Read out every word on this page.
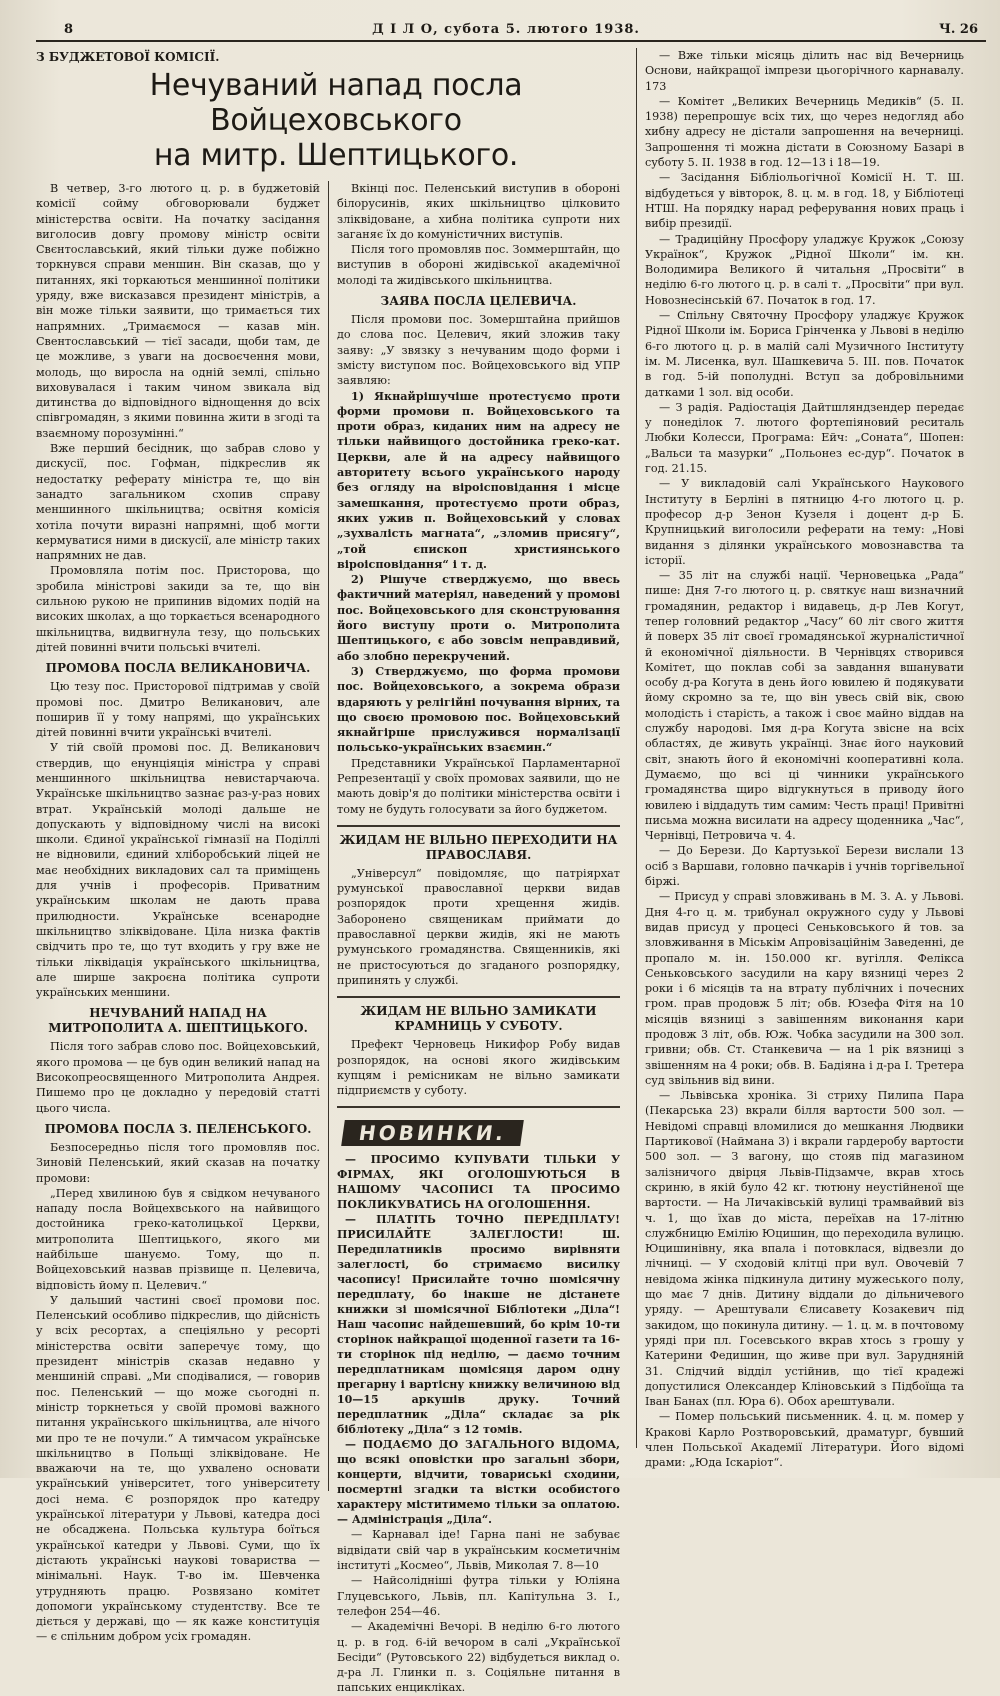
8	Д І Л О, субота 5. лютого 1938.	Ч. 26
З БУДЖЕТОВОЇ КОМІСІЇ.
Нечуваний напад посла Войцеховського
на митр. Шептицького.

В четвер, 3-го лютого ц. р. в буджетовій комісії сойму обговорювали буджет міністерства освіти. На початку засідання виголосив довгу промову міністр освіти Свєнтославський, який тільки дуже побіжно торкнувся справи меншин. Він сказав, що у питаннях, які торкаються меншинної політики уряду, вже висказався президент міністрів, а він може тільки заявити, що тримається тих напрямних. „Тримаємося — казав мін. Свентославський — тієї засади, щоби там, де це можливе, з уваги на досвоєчення мови, молодь, що виросла на одній землі, спільно виховувалася і таким чином звикала від дитинства до відповідного віднощення до всіх співгромадян, з якими повинна жити в згоді та взаємному порозумінні.“

Вже перший бесідник, що забрав слово у дискусії, пос. Гофман, підкреслив як недостатку реферату міністра те, що він занадто загальником схопив справу меншинного шкільництва; освітня комісія хотіла почути виразні напрямні, щоб могти кермуватися ними в дискусії, але міністр таких напрямних не дав.

Промовляла потім пос. Присторова, що зробила міністрові закиди за те, що він сильною рукою не припинив відомих подій на високих школах, а що торкається всенародного шкільництва, видвигнула тезу, що польських дітей повинні вчити польські вчителі.

ПРОМОВА ПОСЛА ВЕЛИКАНОВИЧА.

Цю тезу пос. Присторової підтримав у своїй промові пос. Дмитро Великанович, але поширив її у тому напрямі, що українських дітей повинні вчити українські вчителі.

У тій своїй промові пос. Д. Великанович ствердив, що енунціяція міністра у справі меншинного шкільництва невистарчаюча. Українське шкільництво зазнає раз-у-раз нових втрат. Українській молоді дальше не допускають у відповідному числі на високі школи. Єдиної української гімназії на Поділлі не відновили, єдиний хліборобський ліцей не має необхідних викладових сал та приміщень для учнів і професорів. Приватним українським школам не дають права прилюдности. Українське всенародне шкільництво зліквідоване. Ціла низка фактів свідчить про те, що тут входить у гру вже не тільки ліквідація українського шкільництва, але ширше закроєна політика супроти українських меншини.

НЕЧУВАНИЙ НАПАД НА МИТРОПОЛИТА А. ШЕПТИЦЬКОГО.

Після того забрав слово пос. Войцеховський, якого промова — це був один великий напад на Високопреосвященного Митрополита Андрея. Пишемо про це докладно у передовій статті цього числа.

ПРОМОВА ПОСЛА З. ПЕЛЕНСЬКОГО.

Безпосередньо після того промовляв пос. Зиновій Пеленський, який сказав на початку промови:

„Перед хвилиною був я свідком нечуваного нападу посла Войцехвського на найвищого достойника греко-католицької Церкви, митрополита Шептицького, якого ми найбільше шануємо. Тому, що п. Войцеховський назвав прізвище п. Целевича, відповість йому п. Целевич.“

У дальший частині своєї промови пос. Пеленський особливо підкреслив, що дійсність у всіх ресортах, а спеціяльно у ресорті міністерства освіти заперечує тому, що президент міністрів сказав недавно у меншиній справі. „Ми сподівалися, — говорив пос. Пеленський — що може сьогодні п. міністр торкнеться у своїй промові важного питання українського шкільництва, але нічого ми про те не почули.“ А тимчасом українське шкільництво в Польщі зліквідоване. Не вважаючи на те, що ухвалено основати український університет, того університету досі нема. Є розпорядок про катедру української літератури у Львові, катедра досі не обсаджена. Польська культура боїться української катедри у Львові. Суми, що їх дістають українські наукові товариства — мінімальні. Наук. Т-во ім. Шевченка утрудняють працю. Розвязано комітет допомоги українському студентству. Все те діється у державі, що — як каже конституція — є спільним добром усіх громадян.

Вкінці пос. Пеленський виступив в обороні білорусинів, яких шкільництво цілковито зліквідоване, а хибна політика супроти них заганяє їх до комуністичних виступів.

Після того промовляв пос. Зоммерштайн, що виступив в обороні жидівської академічної молоді та жидівського шкільництва.

ЗАЯВА ПОСЛА ЦЕЛЕВИЧА.

Після промови пос. Зомерштайна прийшов до слова пос. Целевич, який зложив таку заяву: „У звязку з нечуваним щодо форми і змісту виступом пос. Войцеховського від УПР заявляю:

1) Якнайрішучіше протестуємо проти форми промови п. Войцеховського та проти образ, киданих ним на адресу не тільки найвищого достойника греко-кат. Церкви, але й на адресу найвищого авторитету всього українського народу без огляду на віроісповідання і місце замешкання, протестуємо проти образ, яких ужив п. Войцеховський у словах „зухвалість магната“, „зломив присягу“, „той єпископ християнського віроісповідання“ і т. д.

2) Рішуче стверджуємо, що ввесь фактичний матеріял, наведений у промові пос. Войцеховського для сконструювання його виступу проти о. Митрополита Шептицького, є або зовсім неправдивий, або злобно перекручений.

3) Стверджуємо, що форма промови пос. Войцеховського, а зокрема образи вдаряють у релігійні почування вірних, та що своєю промовою пос. Войцеховський якнайгірше прислужився нормалізації польсько-українських взаємин.“

Представники Української Парламентарної Репрезентації у своїх промовах заявили, що не мають довір'я до політики міністерства освіти і тому не будуть голосувати за його буджетом.

ЖИДАМ НЕ ВІЛЬНО ПЕРЕХОДИТИ НА ПРАВОСЛАВЯ.

„Універсул“ повідомляє, що патріярхат румунської православної церкви видав розпорядок проти хрещення жидів. Заборонено священикам приймати до православної церкви жидів, які не мають румунського громадянства. Священників, які не пристосуються до згаданого розпорядку, припинять у службі.

ЖИДАМ НЕ ВІЛЬНО ЗАМИКАТИ КРАМНИЦЬ У СУБОТУ.

Префект Черновець Никифор Робу видав розпорядок, на основі якого жидівським купцям і ремісникам не вільно замикати підприємств у суботу.

НОВИНКИ.

— ПРОСИМО КУПУВАТИ ТІЛЬКИ У ФІРМАХ, ЯКІ ОГОЛОШУЮТЬСЯ В НАШОМУ ЧАСОПИСІ ТА ПРОСИМО ПОКЛИКУВАТИСЬ НА ОГОЛОШЕННЯ.

— ПЛАТІТЬ ТОЧНО ПЕРЕДПЛАТУ! ПРИСИЛАЙТЕ ЗАЛЕГЛОСТИ! Ш. Передплатників просимо вирівняти залеглості, бо стримаємо висилку часопису! Присилайте точно шомісячну передплату, бо інакше не дістанете книжки зі шомісячної Бібліотеки „Діла“! Наш часопис найдешевший, бо крім 10-ти сторінок найкращої щоденної газети та 16-ти сторінок під неділю, — даємо точним передплатникам щомісяця даром одну прегарну і вартісну книжку величиною від 10—15 аркушів друку. Точний передплатник „Діла“ складає за рік бібліотеку „Діла“ з 12 томів.

— ПОДАЄМО ДО ЗАГАЛЬНОГО ВІДОМА, що всякі оповістки про загальні збори, концерти, відчити, товариські сходини, посмертні згадки та вістки особистого характеру міститимемо тільки за оплатою. — Адміністрація „Діла“.

— Карнавал іде! Гарна пані не забуває відвідати свій чар в українським косметичнім інституті „Космео“, Львів, Миколая 7. 8—10

— Найсолідніші футра тільки у Юліяна Глуцевського, Львів, пл. Капітульна 3. І., телефон 254—46.

— Академічні Вечорі. В неділю 6-го лютого ц. р. в год. 6-ій вечором в салі „Української Бесіди“ (Рутовського 22) відбудеться виклад о. д-ра Л. Глинки п. з. Соціяльне питання в папських енцикліках.

— Вже тільки місяць ділить нас від Вечерниць Основи, найкращої імпрези цьогорічного карнавалу. 173

— Комітет „Великих Вечерниць Медиків“ (5. ІІ. 1938) перепрошує всіх тих, що через недогляд або хибну адресу не дістали запрошення на вечерниці. Запрошення ті можна дістати в Союзному Базарі в суботу 5. ІІ. 1938 в год. 12—13 і 18—19.

— Засідання Бібліольогічної Комісії Н. Т. Ш. відбудеться у вівторок, 8. ц. м. в год. 18, у Бібліотеці НТШ. На порядку нарад реферування нових праць і вибір президії.

— Традиційну Просфору уладжує Кружок „Союзу Українок“, Кружок „Рідної Школи“ ім. кн. Володимира Великого й читальня „Просвіти“ в неділю 6-го лютого ц. р. в салі т. „Просвіти“ при вул. Новознесінській 67. Початок в год. 17.

— Спільну Святочну Просфору уладжує Кружок Рідної Школи ім. Бориса Грінченка у Львові в неділю 6-го лютого ц. р. в малій салі Музичного Інституту ім. М. Лисенка, вул. Шашкевича 5. ІІІ. пов. Початок в год. 5-ій пополудні. Вступ за добровільними датками 1 зол. від особи.

— З радія. Радіостація Дайтшляндзендер передає у понеділок 7. лютого фортепіяновий реситаль Любки Колесси, Програма: Ейч: „Соната“, Шопен: „Вальси та мазурки“ „Польонез ес-дур“. Початок в год. 21.15.

— У викладовій салі Українського Наукового Інституту в Берліні в пятницю 4-го лютого ц. р. професор д-р Зенон Кузеля і доцент д-р Б. Крупницький виголосили реферати на тему: „Нові видання з ділянки українського мовознавства та історії.

— 35 літ на службі нації. Черновецька „Рада“ пише: Дня 7-го лютого ц. р. святкує наш визначний громадянин, редактор і видавець, д-р Лев Когут, тепер головний редактор „Часу“ 60 літ свого життя й поверх 35 літ своєї громадянської журналістичної й економічної діяльности. В Чернівцях створився Комітет, що поклав собі за завдання вшанувати особу д-ра Когута в день його ювилею й подякувати йому скромно за те, що він увесь свій вік, свою молодість і старість, а також і своє майно віддав на службу народові. Імя д-ра Когута звісне на всіх областях, де живуть українці. Знає його науковий світ, знають його й економічні кооперативні кола. Думаємо, що всі ці чинники українського громадянства щиро відгукнуться в приводу його ювилею і віддадуть тим самим: Честь праці! Привітні письма можна висилати на адресу щоденника „Час“, Чернівці, Петровича ч. 4.

— До Берези. До Картузької Берези вислали 13 осіб з Варшави, головно пачкарів і учнів торгівельної біржі.

— Присуд у справі зловживань в М. З. А. у Львові. Дня 4-го ц. м. трибунал окружного суду у Львові видав присуд у процесі Сеньковського й тов. за зловживання в Міськім Апровізаційнім Заведенні, де пропало м. ін. 150.000 кг. вугілля. Фелікса Сеньковського засудили на кару вязниці через 2 роки і 6 місяців та на втрату публічних і почесних гром. прав продовж 5 літ; обв. Юзефа Фітя на 10 місяців вязниці з завішенням виконання кари продовж 3 літ, обв. Юж. Чобка засудили на 300 зол. гривни; обв. Ст. Станкевича — на 1 рік вязниці з звішенням на 4 роки; обв. В. Бадіяна і д-ра І. Третера суд звільнив від вини.

— Львівська хроніка. Зі стриху Пилипа Пара (Пекарська 23) вкрали білля вартости 500 зол. — Невідомі справці вломилися до мешкання Людвики Партикової (Наймана 3) і вкрали гардеробу вартости 500 зол. — З вагону, що стояв під магазином залізничого двірця Львів-Підзамче, вкрав хтось скриню, в якій було 42 кг. тютюну неустійненої ще вартости. — На Личаківській вулиці трамвайвий віз ч. 1, що їхав до міста, переїхав на 17-літню службницю Емілію Юцишин, що переходила вулицю. Юцишинівну, яка впала і потовклася, відвезли до лічниці. — У сходовій клітці при вул. Овочевій 7 невідома жінка підкинула дитину мужеського полу, що має 7 днів. Дитину віддали до дільничевого уряду. — Арештували Єлисавету Козакевич під закидом, що покинула дитину. — 1. ц. м. в почтовому уряді при пл. Госевського вкрав хтось з грошу у Катерини Федишин, що живе при вул. Зарудняній 31. Слідчий відділ устійнив, що тієї крадежі допустилися Олександер Кліновський з Підбоїща та Іван Банах (пл. Юра 6). Обох арештували.

— Помер польський письменник. 4. ц. м. помер у Кракові Карло Розтворовський, драматург, бувший член Польської Академії Літератури. Його відомі драми: „Юда Іскаріот“.
